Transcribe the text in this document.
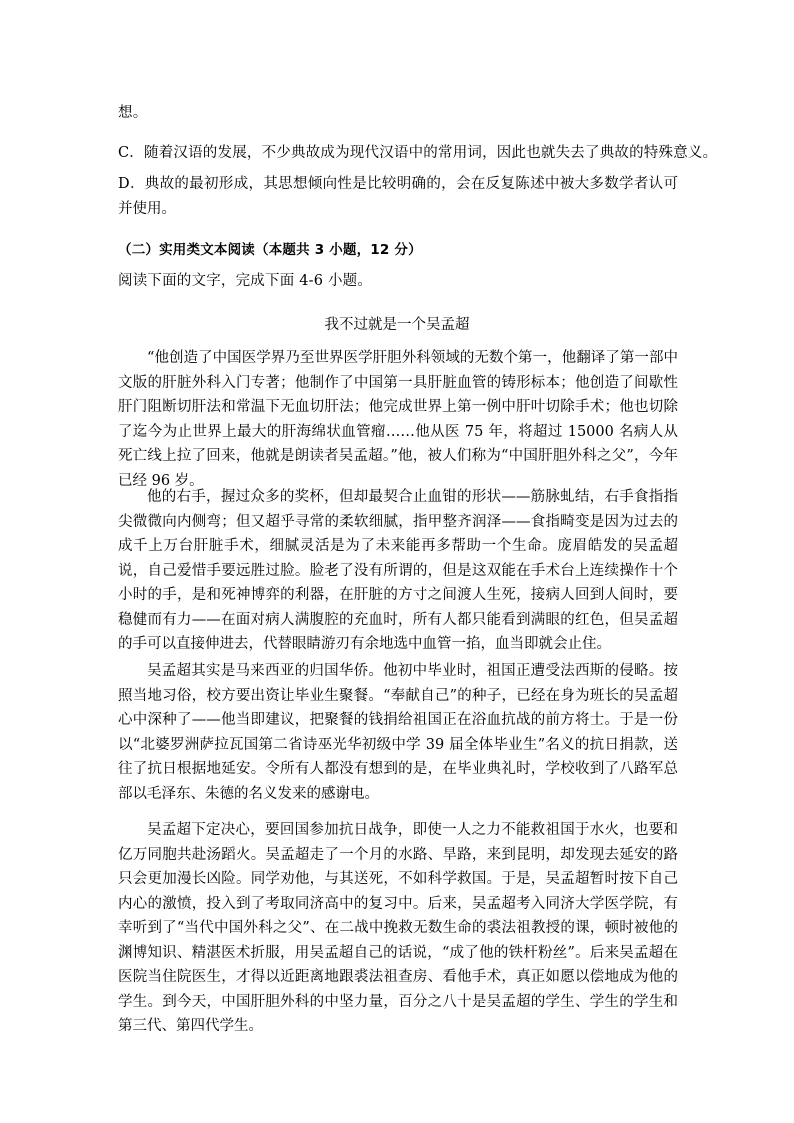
想。
C．随着汉语的发展，不少典故成为现代汉语中的常用词，因此也就失去了典故的特殊意义。
D．典故的最初形成，其思想倾向性是比较明确的，会在反复陈述中被大多数学者认可并使用。
（二）实用类文本阅读（本题共 3 小题，12 分）
阅读下面的文字，完成下面 4-6 小题。
我不过就是一个吴孟超
“他创造了中国医学界乃至世界医学肝胆外科领域的无数个第一，他翻译了第一部中文版的肝脏外科入门专著；他制作了中国第一具肝脏血管的铸形标本；他创造了间歇性肝门阻断切肝法和常温下无血切肝法；他完成世界上第一例中肝叶切除手术；他也切除了迄今为止世界上最大的肝海绵状血管瘤……他从医 75 年，将超过 15000 名病人从死亡线上拉了回来，他就是朗读者吴孟超。”他，被人们称为“中国肝胆外科之父”，今年已经 96 岁。
他的右手，握过众多的奖杯，但却最契合止血钳的形状——筋脉虬结，右手食指指尖微微向内侧弯；但又超乎寻常的柔软细腻，指甲整齐润泽——食指畸变是因为过去的成千上万台肝脏手术，细腻灵活是为了未来能再多帮助一个生命。庞眉皓发的吴孟超说，自己爱惜手要远胜过脸。脸老了没有所谓的，但是这双能在手术台上连续操作十个小时的手，是和死神博弈的利器，在肝脏的方寸之间渡人生死，接病人回到人间时，要稳健而有力——在面对病人满腹腔的充血时，所有人都只能看到满眼的红色，但吴孟超的手可以直接伸进去，代替眼睛游刃有余地选中血管一掐，血当即就会止住。
吴孟超其实是马来西亚的归国华侨。他初中毕业时，祖国正遭受法西斯的侵略。按照当地习俗，校方要出资让毕业生聚餐。“奉献自己”的种子，已经在身为班长的吴孟超心中深种了——他当即建议，把聚餐的钱捐给祖国正在浴血抗战的前方将士。于是一份以“北婆罗洲萨拉瓦国第二省诗巫光华初级中学 39 届全体毕业生”名义的抗日捐款，送往了抗日根据地延安。令所有人都没有想到的是，在毕业典礼时，学校收到了八路军总部以毛泽东、朱德的名义发来的感谢电。
吴孟超下定决心，要回国参加抗日战争，即使一人之力不能救祖国于水火，也要和亿万同胞共赴汤蹈火。吴孟超走了一个月的水路、旱路，来到昆明，却发现去延安的路只会更加漫长凶险。同学劝他，与其送死，不如科学救国。于是，吴孟超暂时按下自己内心的激愤，投入到了考取同济高中的复习中。后来，吴孟超考入同济大学医学院，有幸听到了“当代中国外科之父”、在二战中挽救无数生命的裘法祖教授的课，顿时被他的渊博知识、精湛医术折服，用吴孟超自己的话说，“成了他的铁杆粉丝”。后来吴孟超在医院当住院医生，才得以近距离地跟裘法祖查房、看他手术，真正如愿以偿地成为他的学生。到今天，中国肝胆外科的中坚力量，百分之八十是吴孟超的学生、学生的学生和第三代、第四代学生。
